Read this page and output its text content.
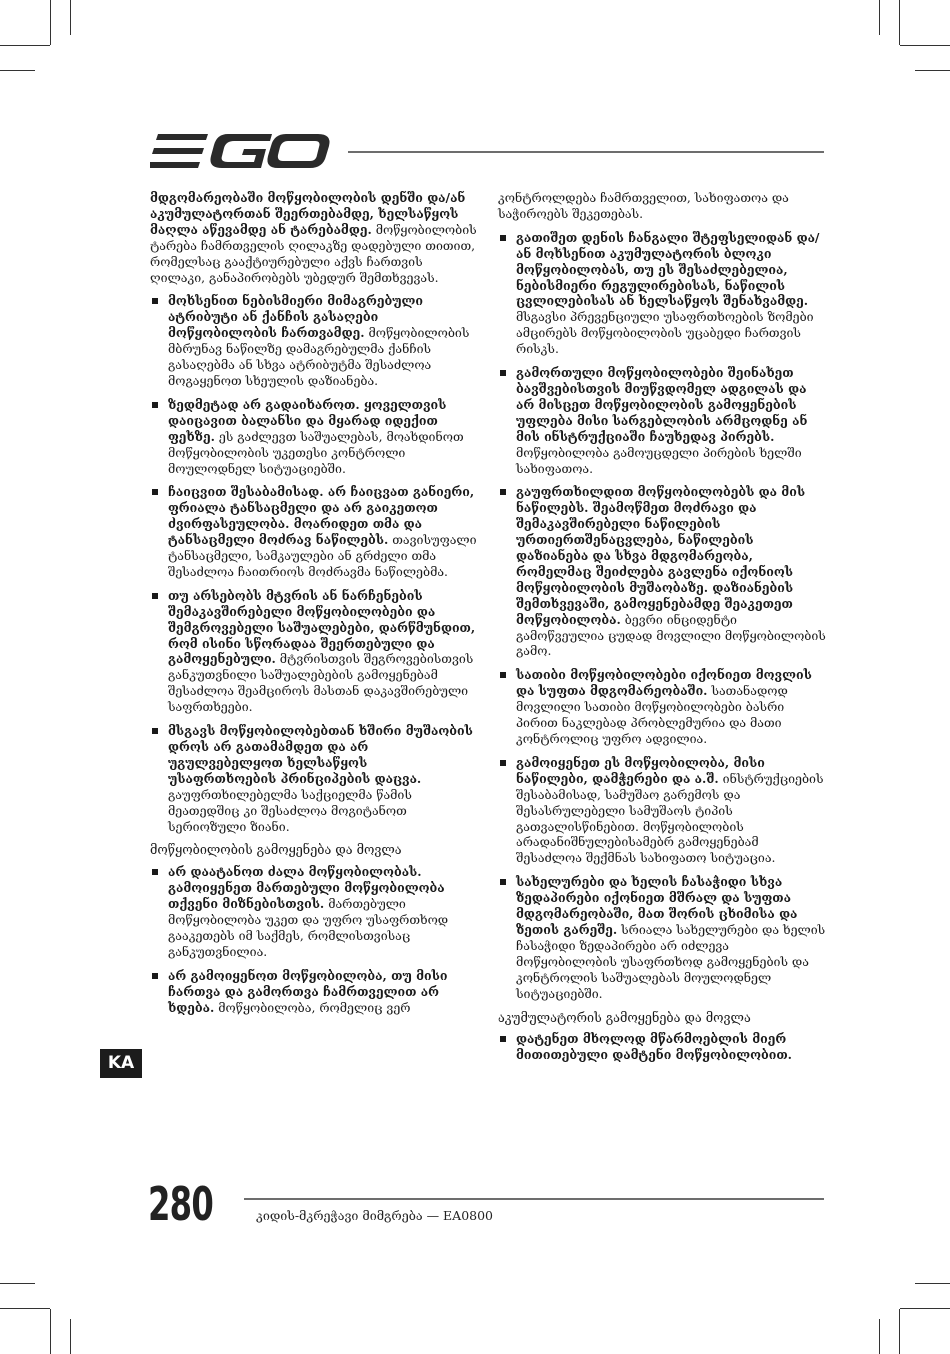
მდგომარეობაში მოწყობილობის დენში და/ან აკუმულატორთან შეერთებამდე, ხელსაწყოს მაღლა აწევამდე ან ტარებამდე. მოწყობილობის ტარება ჩამრთველის ღილაკზე დადებული თითით, რომელსაც გააქტიურებული აქვს ჩართვის ღილაკი, განაპირობებს უბედურ შემთხვევას.

მოხსენით ნებისმიერი მიმაგრებული ატრიბუტი ან ქანჩის გასაღები მოწყობილობის ჩართვამდე. მოწყობილობის მბრუნავ ნაწილზე დამაგრებულმა ქანჩის გასაღებმა ან სხვა ატრიბუტმა შესაძლოა მოგაყენოთ სხეულის დაზიანება.
ზედმეტად არ გადაიხაროთ. ყოველთვის დაიცავით ბალანსი და მყარად იდექით ფეხზე. ეს გაძლევთ საშუალებას, მოახდინოთ მოწყობილობის უკეთესი კონტროლი მოულოდნელ სიტუაციებში.
ჩაიცვით შესაბამისად. არ ჩაიცვათ განიერი, ფრიალა ტანსაცმელი და არ გაიკეთოთ ძვირფასეულობა. მოარიდეთ თმა და ტანსაცმელი მოძრავ ნაწილებს. თავისუფალი ტანსაცმელი, სამკაულები ან გრძელი თმა შესაძლოა ჩაითრიოს მოძრავმა ნაწილებმა.
თუ არსებობს მტვრის ან ნარჩენების შემაკავშირებელი მოწყობილობები და შემგროვებელი საშუალებები, დარწმუნდით, რომ ისინი სწორადაა შეერთებული და გამოყენებული. მტვრისთვის შეგროვებისთვის განკუთვნილი საშუალებების გამოყენებამ შესაძლოა შეამციროს მასთან დაკავშირებული საფრთხეები.
მსგავს მოწყობილობებთან ხშირი მუშაობის დროს არ გათამამდეთ და არ უგულვებელყოთ ხელსაწყოს უსაფრთხოების პრინციპების დაცვა. გაუფრთხილებელმა საქციელმა წამის მეათედშიც კი შესაძლოა მოგიტანოთ სერიოზული ზიანი.
მოწყობილობის გამოყენება და მოვლა
არ დაატანოთ ძალა მოწყობილობას. გამოიყენეთ მართებული მოწყობილობა თქვენი მიზნებისთვის. მართებული მოწყობილობა უკეთ და უფრო უსაფრთხოდ გააკეთებს იმ საქმეს, რომლისთვისაც განკუთვნილია.
არ გამოიყენოთ მოწყობილობა, თუ მისი ჩართვა და გამორთვა ჩამრთველით არ ხდება. მოწყობილობა, რომელიც ვერ

კონტროლდება ჩამრთველით, სახიფათოა და საჭიროებს შეკეთებას.

გათიშეთ დენის ჩანგალი შტეფსელიდან და/ან მოხსენით აკუმულატორის ბლოკი მოწყობილობას, თუ ეს შესაძლებელია, ნებისმიერი რეგულირებისას, ნაწილის ცვლილებისას ან ხელსაწყოს შენახვამდე. მსგავსი პრევენციული უსაფრთხოების ზომები ამცირებს მოწყობილობის უცაბედი ჩართვის რისკს.
გამორთული მოწყობილობები შეინახეთ ბავშვებისთვის მიუწვდომელ ადგილას და არ მისცეთ მოწყობილობის გამოყენების უფლება მისი სარგებლობის არმცოდნე ან მის ინსტრუქციაში ჩაუხედავ პირებს. მოწყობილობა გამოუცდელი პირების ხელში სახიფათოა.
გაუფრთხილდით მოწყობილობებს და მის ნაწილებს. შეამოწმეთ მოძრავი და შემაკავშირებელი ნაწილების ურთიერთშენაცვლება, ნაწილების დაზიანება და სხვა მდგომარეობა, რომელმაც შეიძლება გავლენა იქონიოს მოწყობილობის მუშაობაზე. დაზიანების შემთხვევაში, გამოყენებამდე შეაკეთეთ მოწყობილობა. ბევრი ინციდენტი გამოწვეულია ცუდად მოვლილი მოწყობილობის გამო.
სათიბი მოწყობილობები იქონიეთ მოვლის და სუფთა მდგომარეობაში. სათანადოდ მოვლილი სათიბი მოწყობილობები ბასრი პირით ნაკლებად პრობლემურია და მათი კონტროლიც უფრო ადვილია.
გამოიყენეთ ეს მოწყობილობა, მისი ნაწილები, დამჭერები და ა.შ. ინსტრუქციების შესაბამისად, სამუშაო გარემოს და შესასრულებელი სამუშაოს ტიპის გათვალისწინებით. მოწყობილობის არადანიშნულებისამებრ გამოყენებამ შესაძლოა შექმნას სახიფათო სიტუაცია.
სახელურები და ხელის ჩასაჭიდი სხვა ზედაპირები იქონიეთ მშრალ და სუფთა მდგომარეობაში, მათ შორის ცხიმისა და ზეთის გარეშე. სრიალა სახელურები და ხელის ჩასაჭიდი ზედაპირები არ იძლევა მოწყობილობის უსაფრთხოდ გამოყენების და კონტროლის საშუალებას მოულოდნელ სიტუაციებში.
აკუმულატორის გამოყენება და მოვლა
დატენეთ მხოლოდ მწარმოებლის მიერ მითითებული დამტენი მოწყობილობით.
KA
280	კიდის-მკრეჭავი მიმგრება — EA0800
